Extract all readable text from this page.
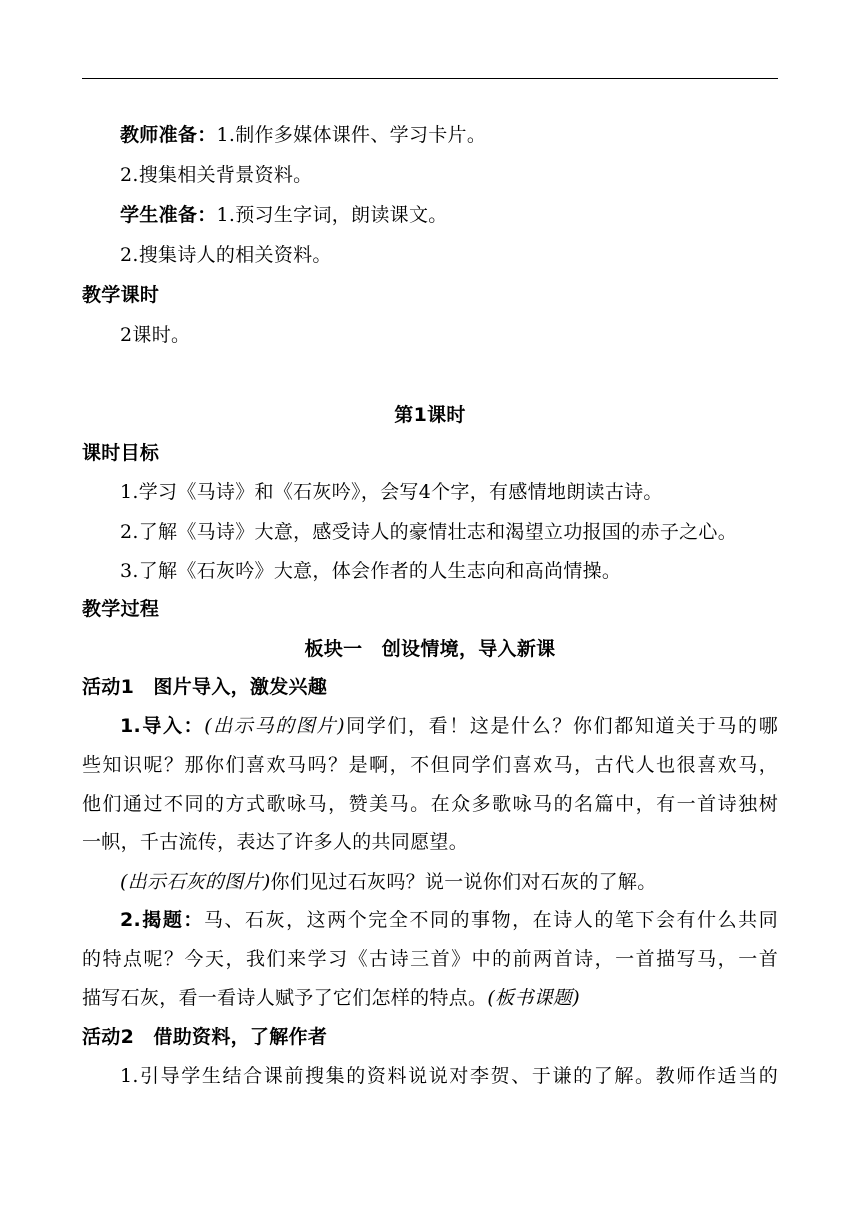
教师准备：1.制作多媒体课件、学习卡片。
2.搜集相关背景资料。
学生准备：1.预习生字词，朗读课文。
2.搜集诗人的相关资料。
教学课时
2课时。
第1课时
课时目标
1.学习《马诗》和《石灰吟》，会写4个字，有感情地朗读古诗。
2.了解《马诗》大意，感受诗人的豪情壮志和渴望立功报国的赤子之心。
3.了解《石灰吟》大意，体会作者的人生志向和高尚情操。
教学过程
板块一　创设情境，导入新课
活动1　图片导入，激发兴趣
1.导入：(出示马的图片)同学们，看！这是什么？你们都知道关于马的哪
些知识呢？那你们喜欢马吗？是啊，不但同学们喜欢马，古代人也很喜欢马，
他们通过不同的方式歌咏马，赞美马。在众多歌咏马的名篇中，有一首诗独树
一帜，千古流传，表达了许多人的共同愿望。
(出示石灰的图片)你们见过石灰吗？说一说你们对石灰的了解。
2.揭题：马、石灰，这两个完全不同的事物，在诗人的笔下会有什么共同
的特点呢？今天，我们来学习《古诗三首》中的前两首诗，一首描写马，一首
描写石灰，看一看诗人赋予了它们怎样的特点。(板书课题)
活动2　借助资料，了解作者
1.引导学生结合课前搜集的资料说说对李贺、于谦的了解。教师作适当的
